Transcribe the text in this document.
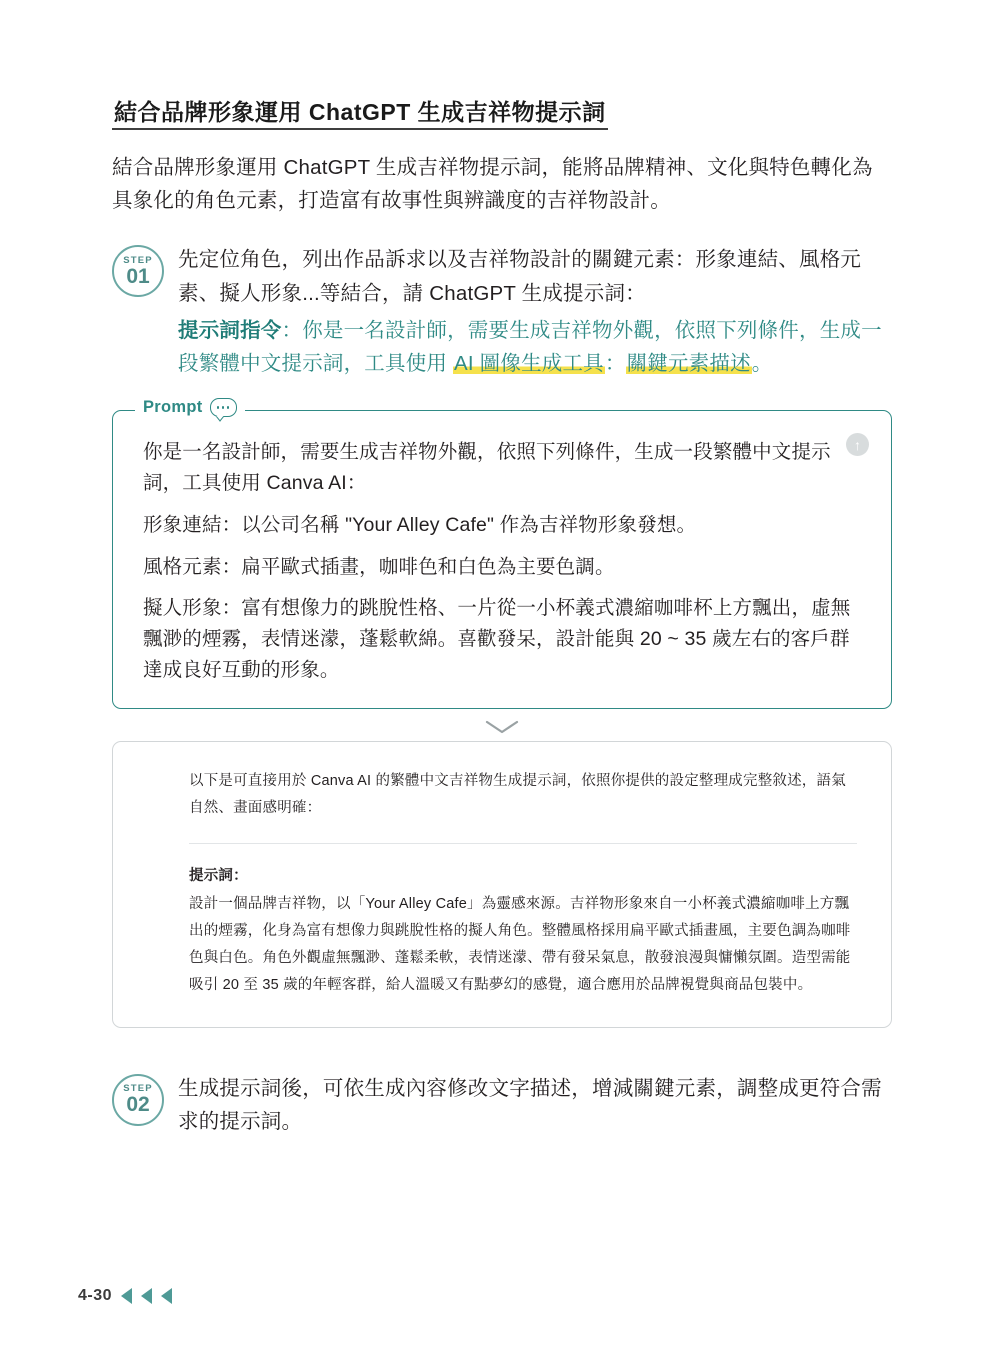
結合品牌形象運用 ChatGPT 生成吉祥物提示詞

結合品牌形象運用 ChatGPT 生成吉祥物提示詞，能將品牌精神、文化與特色轉化為具象化的角色元素，打造富有故事性與辨識度的吉祥物設計。

STEP
01
先定位角色，列出作品訴求以及吉祥物設計的關鍵元素：形象連結、風格元素、擬人形象...等結合，請 ChatGPT 生成提示詞：
提示詞指令：你是一名設計師，需要生成吉祥物外觀，依照下列條件，生成一段繁體中文提示詞，工具使用 AI 圖像生成工具：關鍵元素描述。
Prompt
↑
你是一名設計師，需要生成吉祥物外觀，依照下列條件，生成一段繁體中文提示詞，工具使用 Canva AI：
形象連結：以公司名稱 "Your Alley Cafe" 作為吉祥物形象發想。
風格元素：扁平歐式插畫，咖啡色和白色為主要色調。
擬人形象：富有想像力的跳脫性格、一片從一小杯義式濃縮咖啡杯上方飄出，虛無飄渺的煙霧，表情迷濛，蓬鬆軟綿。喜歡發呆，設計能與 20 ~ 35 歲左右的客戶群達成良好互動的形象。
以下是可直接用於 Canva AI 的繁體中文吉祥物生成提示詞，依照你提供的設定整理成完整敘述，語氣自然、畫面感明確：
提示詞：
設計一個品牌吉祥物，以「Your Alley Cafe」為靈感來源。吉祥物形象來自一小杯義式濃縮咖啡上方飄出的煙霧，化身為富有想像力與跳脫性格的擬人角色。整體風格採用扁平歐式插畫風，主要色調為咖啡色與白色。角色外觀虛無飄渺、蓬鬆柔軟，表情迷濛、帶有發呆氣息，散發浪漫與慵懶氛圍。造型需能吸引 20 至 35 歲的年輕客群，給人溫暖又有點夢幻的感覺，適合應用於品牌視覺與商品包裝中。
STEP
02
生成提示詞後，可依生成內容修改文字描述，增減關鍵元素，調整成更符合需求的提示詞。
4-30
